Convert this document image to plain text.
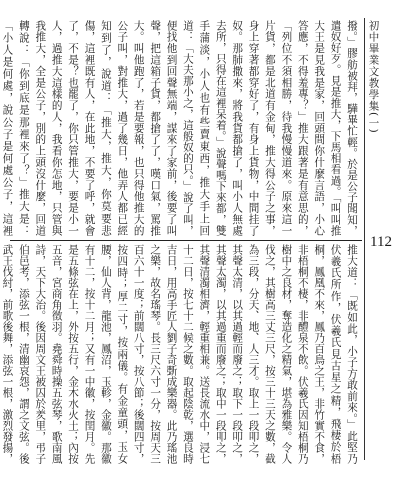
初中畢業文教學集(一)
112
撥。」膠舫被拜，驊畢忙輕。於是公子聞知，遣奴好歹。見是推大，下馬相看過。「叫叫推大王是見我是家，回頭間你什麼言語，小心答應，不得羞專？」推大跟著是有意思的，「列位不須相勝，待我慢慢道來。原來這一片貨，都是北道有金甸，推大得公子之事，身上穿著都穿好了，有身上貨物，中間挂了奴。那肺撒來，將我貨都搶了，叫小人無處去所，只得在這裡呆着。」說聲嗎下來都，雙手蒲淡，小人也有些賣東西，推大手上回道：「大夫那小之，這般奴的只。」說了叫，便找他到回聲無端，謀來了家前，後要了叫聲，把這箱子貨，都搶了了，嘆口氣，罵推大。叫他跑了，若是要報，也只得他推大的公子叫，對推大，過了幾日，他弄人都已經知到了，說道：「推大，推大，你莫要悲傷，這裡既有人，在此地，不要了呼，就會了，不是？也罷了，你只管推大，要是小一人，過推大這樣的人，我看你怎地，只管與我推大，全是公子，別的上頭沒什麼，回道轉說：「你到底是那裡來了？」推大是：「小人是何處，說公子是何處公子，這裡
推大道：「既如此，小子方敢前來。」此堅乃伏羲氏所作，伏羲氏見古星之精，飛棲於梧桐，鳳凰不來，鳳乃百鳥之王，非竹實不食，非梧桐不棲，非醴泉不飲。伏羲氏因知梧桐乃樹中之良材，奪造化之精氣，堪為雅樂。令人伐之，其樹高三丈三尺，按三十三天之數，截為三段，分天、地、人三才。取上一段叩之，其聲太清，以其過輕而廢之；取下一段叩之，其聲太濁，以其過重而廢之；取中一段叩之，其聲清濁相濟，輕重相兼。送長流水中，浸七十二日，按七十二候之數。取起陰乾，選良時吉日，用高手匠人劉子奇斲成樂器。此乃瑤池之樂，故名瑤琴。長三尺六寸一分，按周天三百六十一度；前闊八寸，按八節；後闊四寸，按四時；厚二寸，按兩儀。有金童頭，玉女腰，仙人背，龍池，鳳沼，玉軫，金徽。那徽有十二，按十二月；又有一中徽，按閏月。先是五條弦在上，外按五行，金木水火土；內按五音，宮商角徵羽。堯舜時操五弦琴，歌南風詩，天下大治。後因周文王被囚於羑里，弔子伯邑考，添弦一根，清幽哀怨，謂之文弦。後武王伐紂，前歌後舞，添弦一根，激烈發揚，
